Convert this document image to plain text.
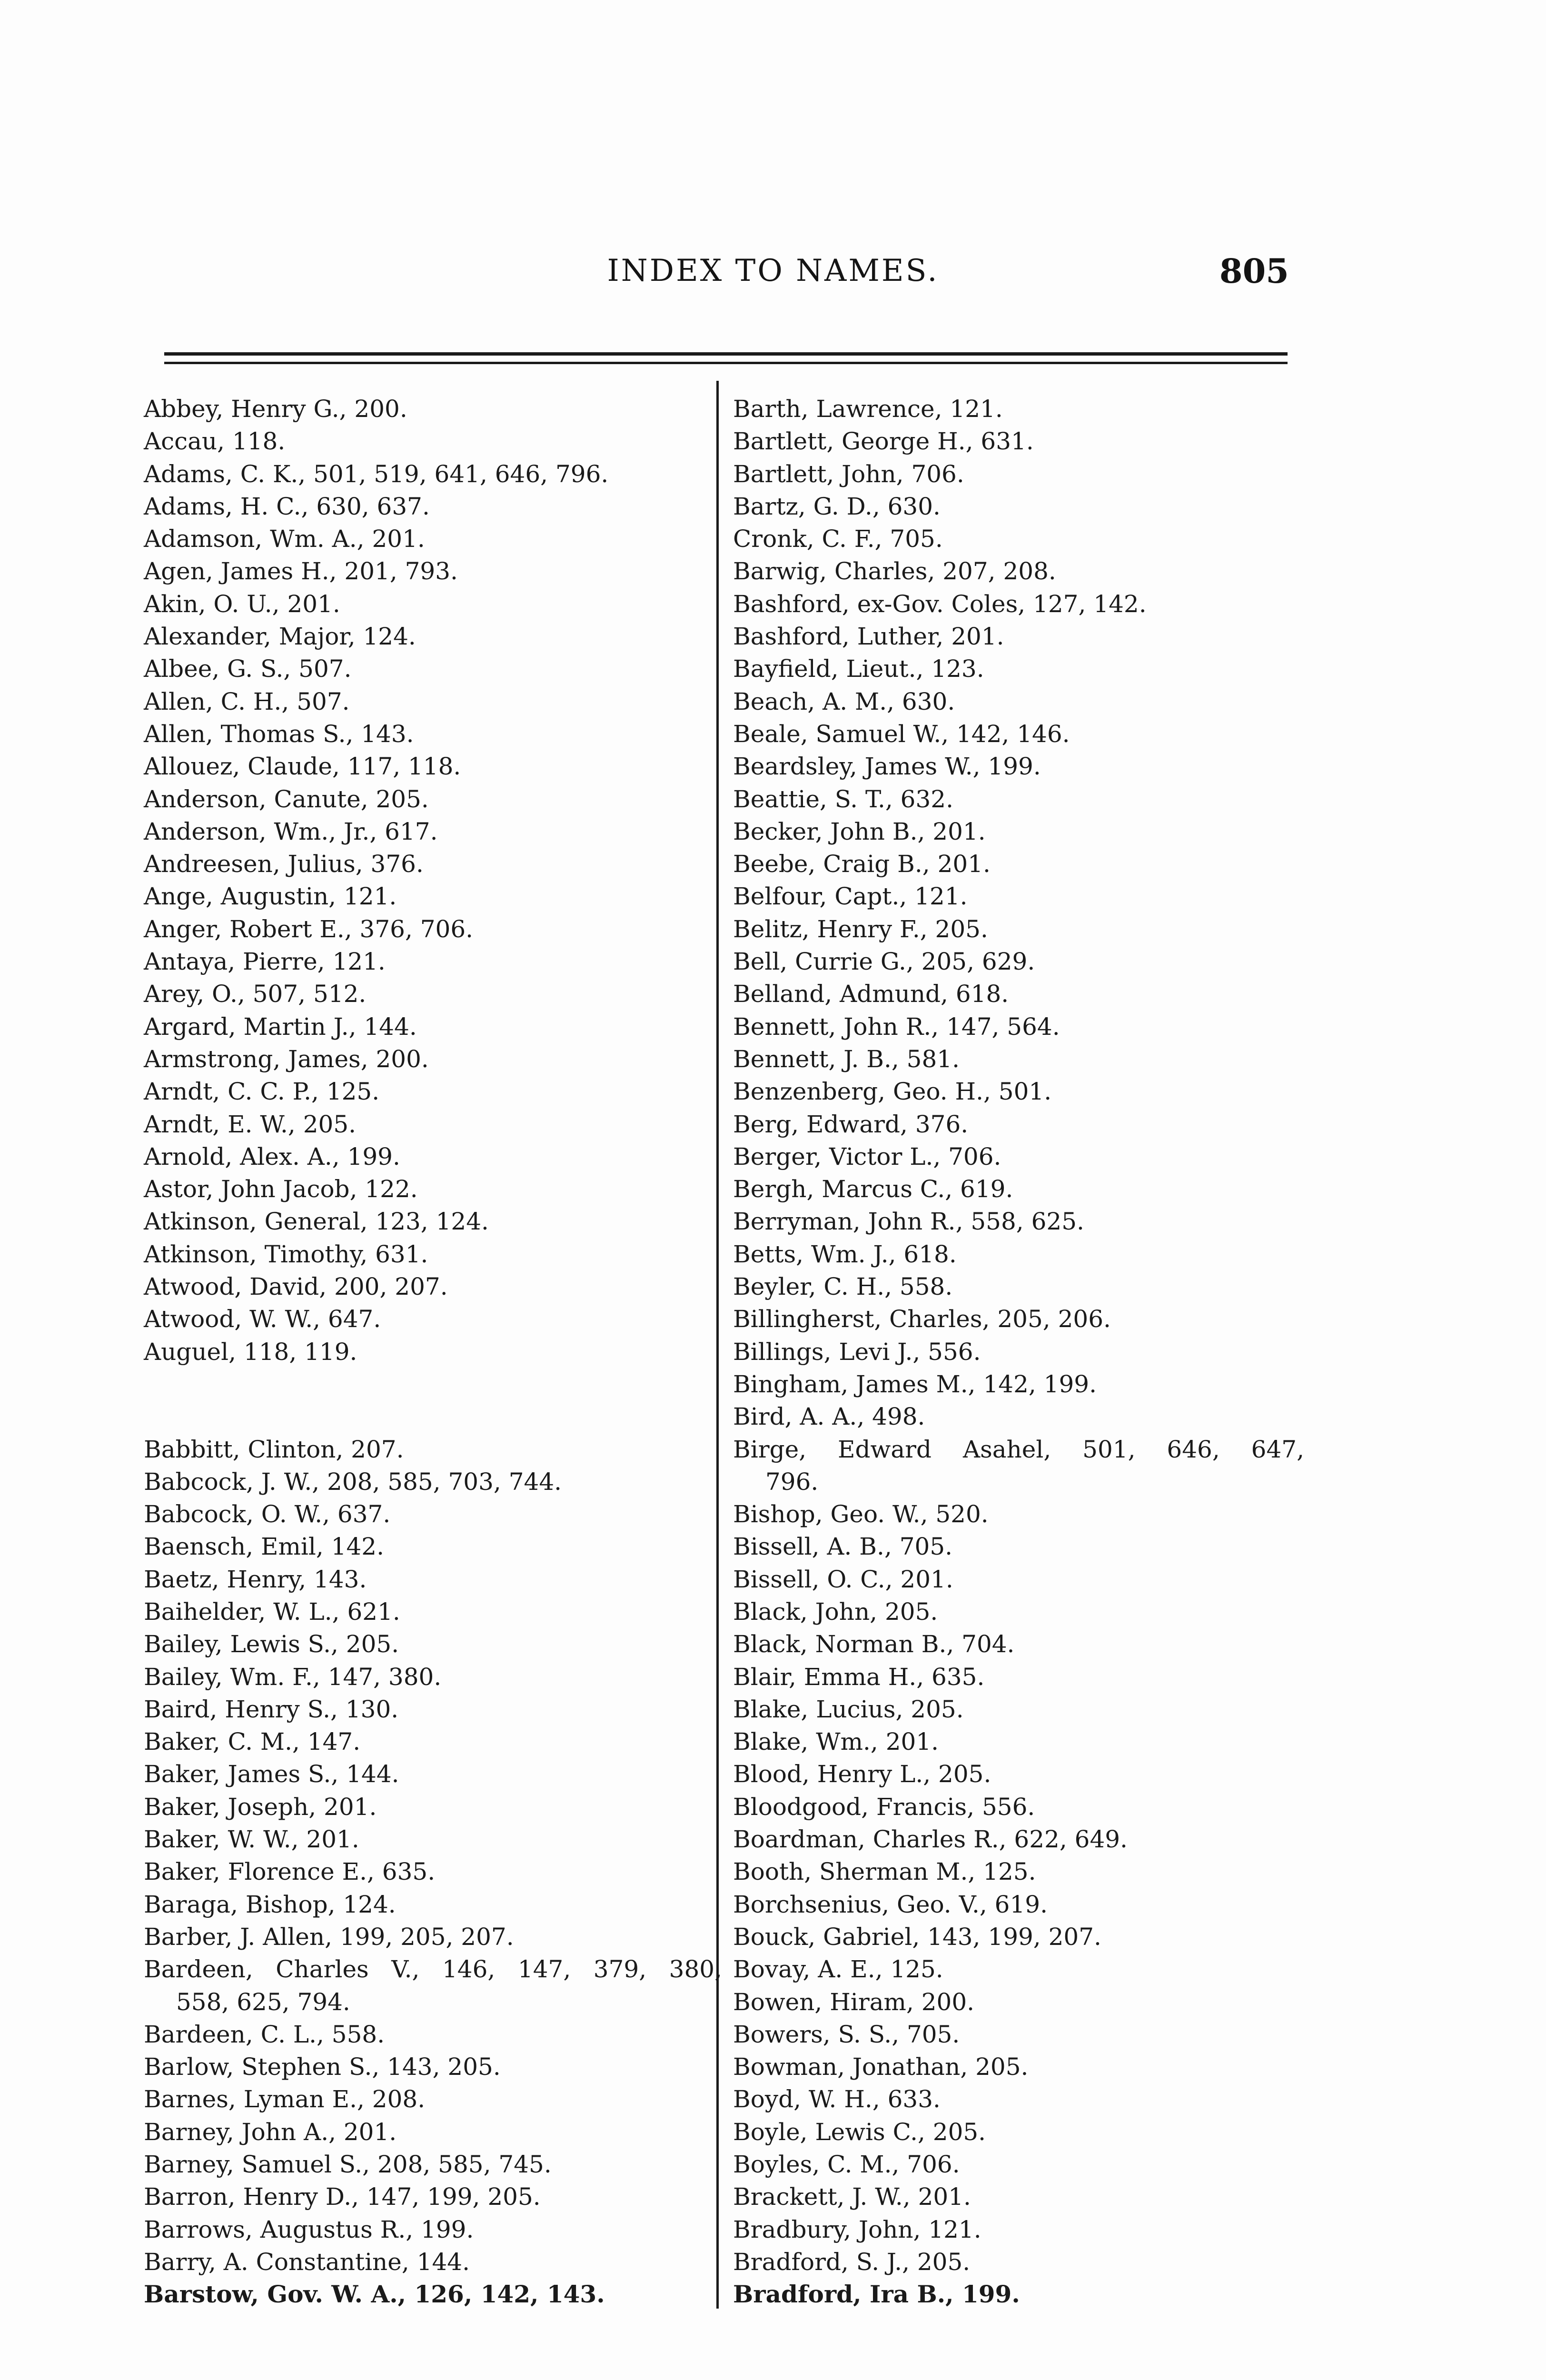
INDEX TO NAMES.	805
Abbey, Henry G., 200.
Accau, 118.
Adams, C. K., 501, 519, 641, 646, 796.
Adams, H. C., 630, 637.
Adamson, Wm. A., 201.
Agen, James H., 201, 793.
Akin, O. U., 201.
Alexander, Major, 124.
Albee, G. S., 507.
Allen, C. H., 507.
Allen, Thomas S., 143.
Allouez, Claude, 117, 118.
Anderson, Canute, 205.
Anderson, Wm., Jr., 617.
Andreesen, Julius, 376.
Ange, Augustin, 121.
Anger, Robert E., 376, 706.
Antaya, Pierre, 121.
Arey, O., 507, 512.
Argard, Martin J., 144.
Armstrong, James, 200.
Arndt, C. C. P., 125.
Arndt, E. W., 205.
Arnold, Alex. A., 199.
Astor, John Jacob, 122.
Atkinson, General, 123, 124.
Atkinson, Timothy, 631.
Atwood, David, 200, 207.
Atwood, W. W., 647.
Auguel, 118, 119.
Babbitt, Clinton, 207.
Babcock, J. W., 208, 585, 703, 744.
Babcock, O. W., 637.
Baensch, Emil, 142.
Baetz, Henry, 143.
Baihelder, W. L., 621.
Bailey, Lewis S., 205.
Bailey, Wm. F., 147, 380.
Baird, Henry S., 130.
Baker, C. M., 147.
Baker, James S., 144.
Baker, Joseph, 201.
Baker, W. W., 201.
Baker, Florence E., 635.
Baraga, Bishop, 124.
Barber, J. Allen, 199, 205, 207.
Bardeen, Charles V., 146, 147, 379, 380,
558, 625, 794.
Bardeen, C. L., 558.
Barlow, Stephen S., 143, 205.
Barnes, Lyman E., 208.
Barney, John A., 201.
Barney, Samuel S., 208, 585, 745.
Barron, Henry D., 147, 199, 205.
Barrows, Augustus R., 199.
Barry, A. Constantine, 144.
Barstow, Gov. W. A., 126, 142, 143.
Barth, Lawrence, 121.
Bartlett, George H., 631.
Bartlett, John, 706.
Bartz, G. D., 630.
Cronk, C. F., 705.
Barwig, Charles, 207, 208.
Bashford, ex-Gov. Coles, 127, 142.
Bashford, Luther, 201.
Bayfield, Lieut., 123.
Beach, A. M., 630.
Beale, Samuel W., 142, 146.
Beardsley, James W., 199.
Beattie, S. T., 632.
Becker, John B., 201.
Beebe, Craig B., 201.
Belfour, Capt., 121.
Belitz, Henry F., 205.
Bell, Currie G., 205, 629.
Belland, Admund, 618.
Bennett, John R., 147, 564.
Bennett, J. B., 581.
Benzenberg, Geo. H., 501.
Berg, Edward, 376.
Berger, Victor L., 706.
Bergh, Marcus C., 619.
Berryman, John R., 558, 625.
Betts, Wm. J., 618.
Beyler, C. H., 558.
Billingherst, Charles, 205, 206.
Billings, Levi J., 556.
Bingham, James M., 142, 199.
Bird, A. A., 498.
Birge, Edward Asahel, 501, 646, 647,
796.
Bishop, Geo. W., 520.
Bissell, A. B., 705.
Bissell, O. C., 201.
Black, John, 205.
Black, Norman B., 704.
Blair, Emma H., 635.
Blake, Lucius, 205.
Blake, Wm., 201.
Blood, Henry L., 205.
Bloodgood, Francis, 556.
Boardman, Charles R., 622, 649.
Booth, Sherman M., 125.
Borchsenius, Geo. V., 619.
Bouck, Gabriel, 143, 199, 207.
Bovay, A. E., 125.
Bowen, Hiram, 200.
Bowers, S. S., 705.
Bowman, Jonathan, 205.
Boyd, W. H., 633.
Boyle, Lewis C., 205.
Boyles, C. M., 706.
Brackett, J. W., 201.
Bradbury, John, 121.
Bradford, S. J., 205.
Bradford, Ira B., 199.
